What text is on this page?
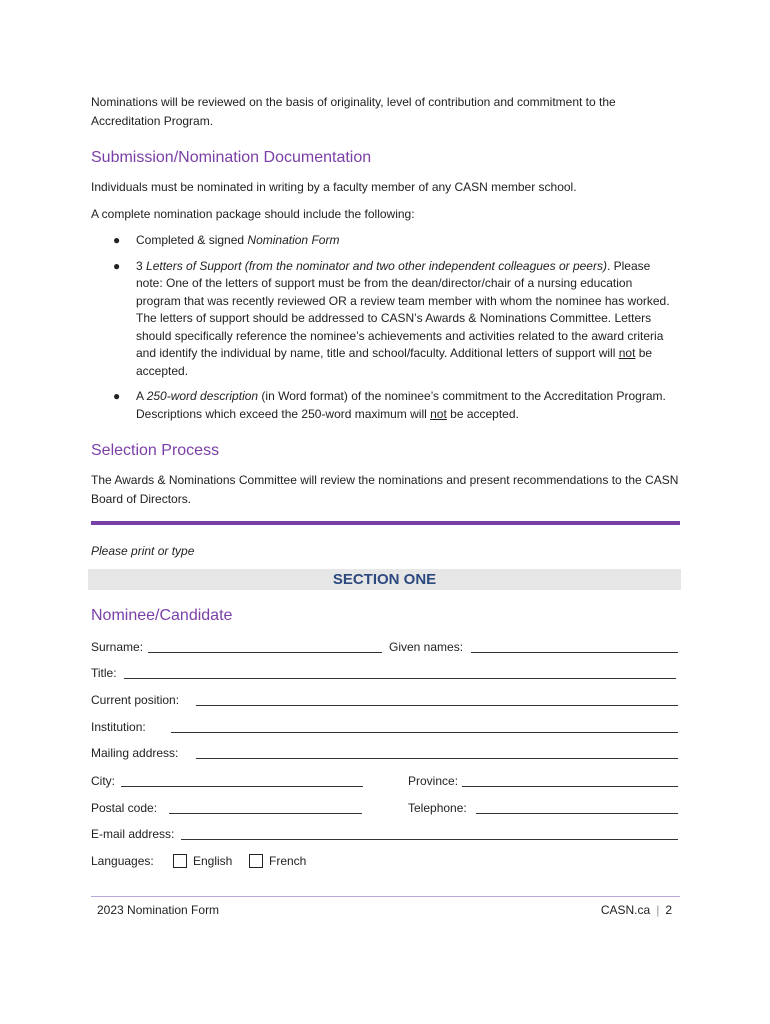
Nominations will be reviewed on the basis of originality, level of contribution and commitment to the Accreditation Program.

Submission/Nomination Documentation

Individuals must be nominated in writing by a faculty member of any CASN member school.

A complete nomination package should include the following:

● Completed & signed Nomination Form
● 3 Letters of Support (from the nominator and two other independent colleagues or peers). Please note: One of the letters of support must be from the dean/director/chair of a nursing education program that was recently reviewed OR a review team member with whom the nominee has worked. The letters of support should be addressed to CASN’s Awards & Nominations Committee. Letters should specifically reference the nominee’s achievements and activities related to the award criteria and identify the individual by name, title and school/faculty. Additional letters of support will not be accepted.
● A 250-word description (in Word format) of the nominee’s commitment to the Accreditation Program. Descriptions which exceed the 250-word maximum will not be accepted.
Selection Process

The Awards & Nominations Committee will review the nominations and present recommendations to the CASN Board of Directors.

Please print or type

SECTION ONE
Nominee/Candidate
Surname:	Given names:
Title:
Current position:
Institution:
Mailing address:
City:	Province:
Postal code:	Telephone:
E-mail address:
Languages:	English	French
2023 Nomination Form	CASN.ca | 2
